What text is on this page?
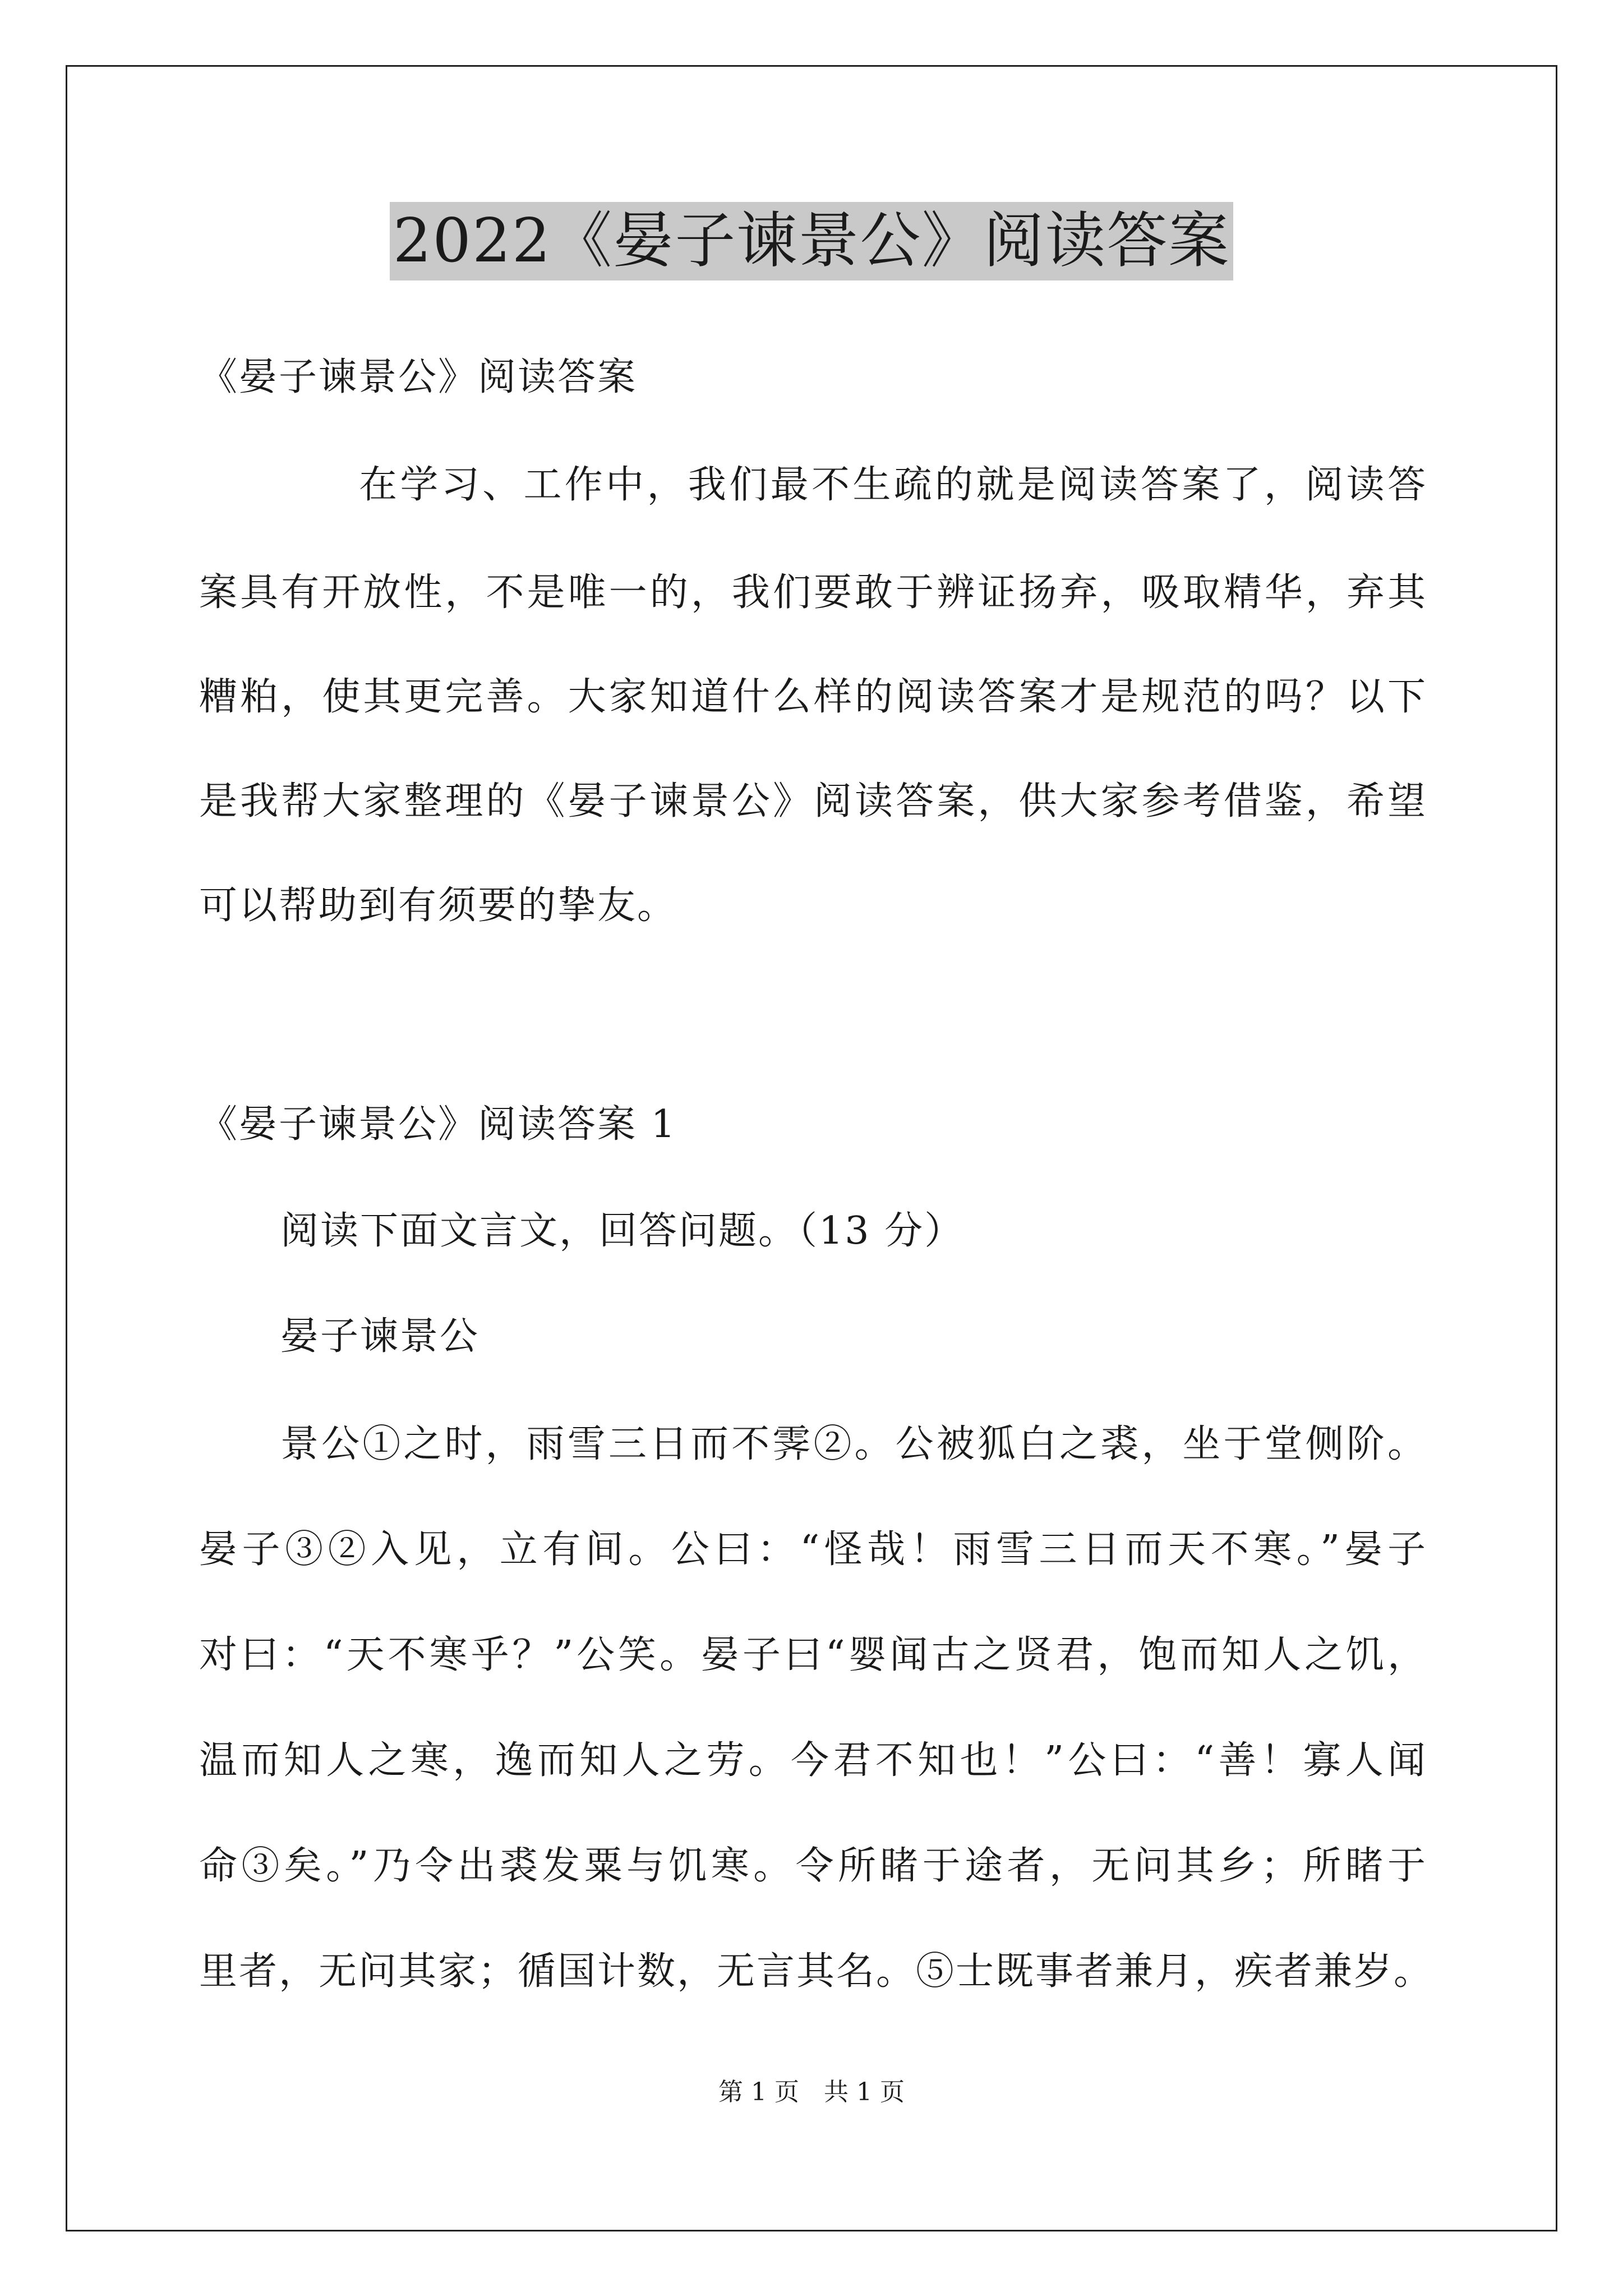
2022《晏子谏景公》阅读答案
《晏子谏景公》阅读答案
在学习、工作中，我们最不生疏的就是阅读答案了，阅读答
案具有开放性，不是唯一的，我们要敢于辨证扬弃，吸取精华，弃其
糟粕，使其更完善。大家知道什么样的阅读答案才是规范的吗？以下
是我帮大家整理的《晏子谏景公》阅读答案，供大家参考借鉴，希望
可以帮助到有须要的挚友。
《晏子谏景公》阅读答案 1
阅读下面文言文，回答问题。（13 分）
晏子谏景公
景公①之时，雨雪三日而不霁②。公被狐白之裘，坐于堂侧阶。
晏子③②入见，立有间。公曰：“怪哉！雨雪三日而天不寒。”晏子
对曰：“天不寒乎？”公笑。晏子曰“婴闻古之贤君，饱而知人之饥，
温而知人之寒，逸而知人之劳。今君不知也！”公曰：“善！寡人闻
命③矣。”乃令出裘发粟与饥寒。令所睹于途者，无问其乡；所睹于
里者，无问其家；循国计数，无言其名。⑤士既事者兼月，疾者兼岁。
第 1 页　共 1 页
